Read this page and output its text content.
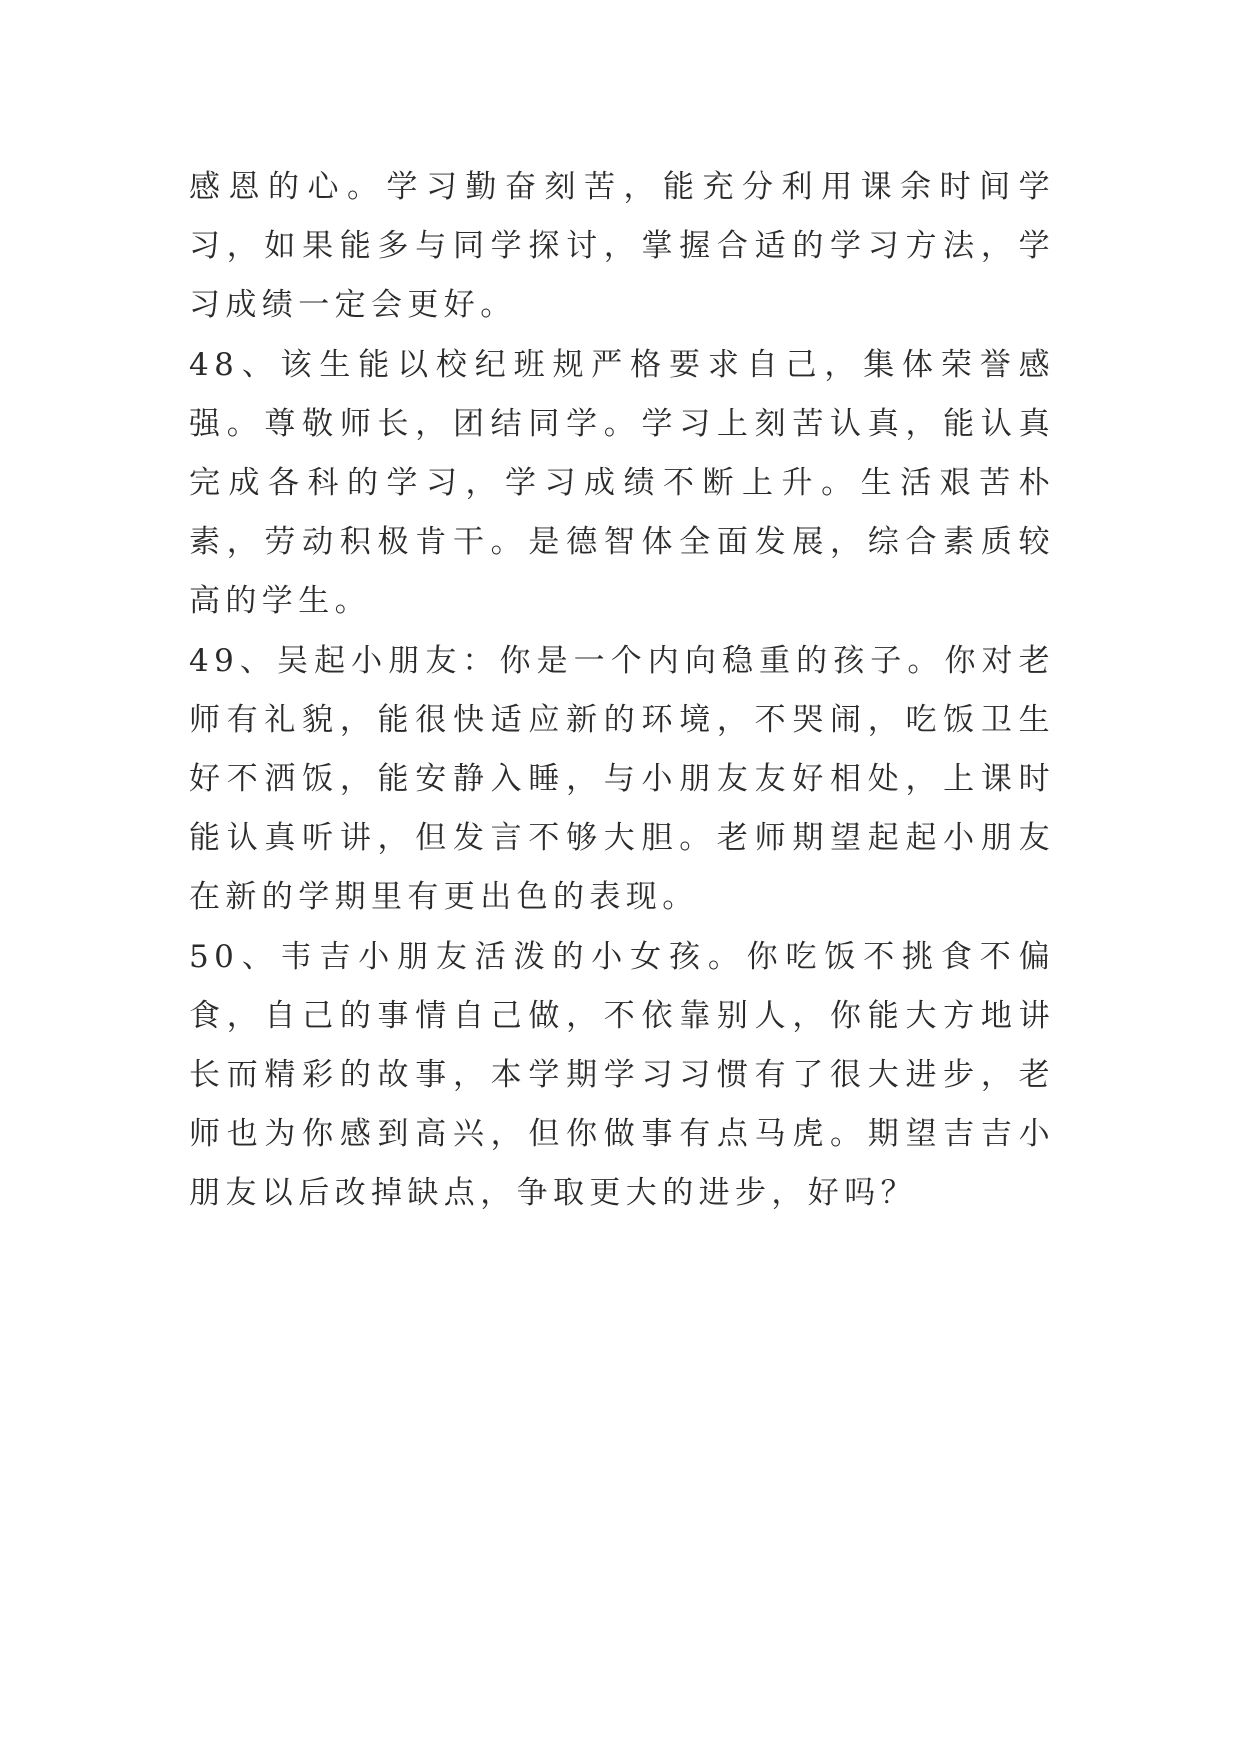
感恩的心。学习勤奋刻苦，能充分利用课余时间学习，如果能多与同学探讨，掌握合适的学习方法，学习成绩一定会更好。

48、该生能以校纪班规严格要求自己，集体荣誉感强。尊敬师长，团结同学。学习上刻苦认真，能认真完成各科的学习，学习成绩不断上升。生活艰苦朴素，劳动积极肯干。是德智体全面发展，综合素质较高的学生。

49、吴起小朋友：你是一个内向稳重的孩子。你对老师有礼貌，能很快适应新的环境，不哭闹，吃饭卫生好不洒饭，能安静入睡，与小朋友友好相处，上课时能认真听讲，但发言不够大胆。老师期望起起小朋友在新的学期里有更出色的表现。

50、韦吉小朋友活泼的小女孩。你吃饭不挑食不偏食，自己的事情自己做，不依靠别人，你能大方地讲长而精彩的故事，本学期学习习惯有了很大进步，老师也为你感到高兴，但你做事有点马虎。期望吉吉小朋友以后改掉缺点，争取更大的进步，好吗？
